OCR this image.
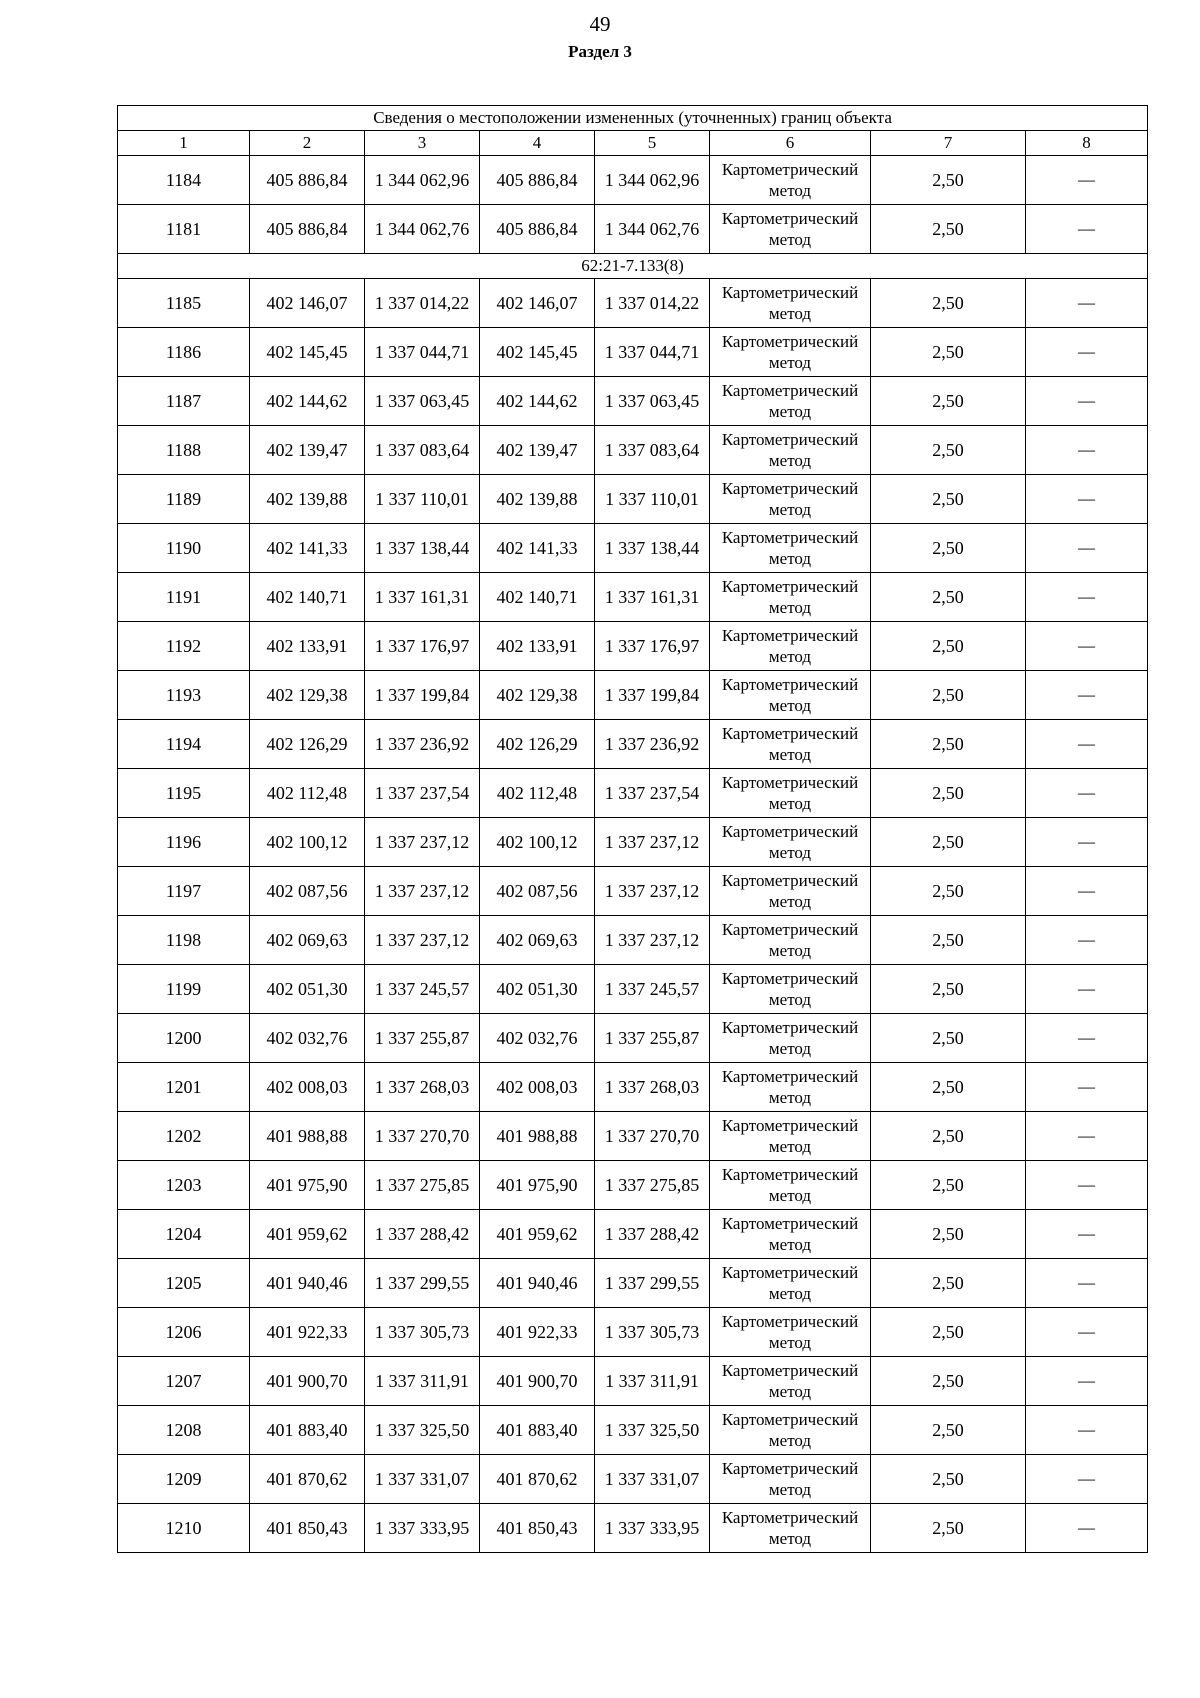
49
Раздел 3
Сведения о местоположении измененных (уточненных) границ объекта							
1	2	3	4	5	6	7	8
1184	405 886,84	1 344 062,96	405 886,84	1 344 062,96	Картометрический метод	2,50	—
1181	405 886,84	1 344 062,76	405 886,84	1 344 062,76	Картометрический метод	2,50	—
62:21-7.133(8)							
1185	402 146,07	1 337 014,22	402 146,07	1 337 014,22	Картометрический метод	2,50	—
1186	402 145,45	1 337 044,71	402 145,45	1 337 044,71	Картометрический метод	2,50	—
1187	402 144,62	1 337 063,45	402 144,62	1 337 063,45	Картометрический метод	2,50	—
1188	402 139,47	1 337 083,64	402 139,47	1 337 083,64	Картометрический метод	2,50	—
1189	402 139,88	1 337 110,01	402 139,88	1 337 110,01	Картометрический метод	2,50	—
1190	402 141,33	1 337 138,44	402 141,33	1 337 138,44	Картометрический метод	2,50	—
1191	402 140,71	1 337 161,31	402 140,71	1 337 161,31	Картометрический метод	2,50	—
1192	402 133,91	1 337 176,97	402 133,91	1 337 176,97	Картометрический метод	2,50	—
1193	402 129,38	1 337 199,84	402 129,38	1 337 199,84	Картометрический метод	2,50	—
1194	402 126,29	1 337 236,92	402 126,29	1 337 236,92	Картометрический метод	2,50	—
1195	402 112,48	1 337 237,54	402 112,48	1 337 237,54	Картометрический метод	2,50	—
1196	402 100,12	1 337 237,12	402 100,12	1 337 237,12	Картометрический метод	2,50	—
1197	402 087,56	1 337 237,12	402 087,56	1 337 237,12	Картометрический метод	2,50	—
1198	402 069,63	1 337 237,12	402 069,63	1 337 237,12	Картометрический метод	2,50	—
1199	402 051,30	1 337 245,57	402 051,30	1 337 245,57	Картометрический метод	2,50	—
1200	402 032,76	1 337 255,87	402 032,76	1 337 255,87	Картометрический метод	2,50	—
1201	402 008,03	1 337 268,03	402 008,03	1 337 268,03	Картометрический метод	2,50	—
1202	401 988,88	1 337 270,70	401 988,88	1 337 270,70	Картометрический метод	2,50	—
1203	401 975,90	1 337 275,85	401 975,90	1 337 275,85	Картометрический метод	2,50	—
1204	401 959,62	1 337 288,42	401 959,62	1 337 288,42	Картометрический метод	2,50	—
1205	401 940,46	1 337 299,55	401 940,46	1 337 299,55	Картометрический метод	2,50	—
1206	401 922,33	1 337 305,73	401 922,33	1 337 305,73	Картометрический метод	2,50	—
1207	401 900,70	1 337 311,91	401 900,70	1 337 311,91	Картометрический метод	2,50	—
1208	401 883,40	1 337 325,50	401 883,40	1 337 325,50	Картометрический метод	2,50	—
1209	401 870,62	1 337 331,07	401 870,62	1 337 331,07	Картометрический метод	2,50	—
1210	401 850,43	1 337 333,95	401 850,43	1 337 333,95	Картометрический метод	2,50	—
